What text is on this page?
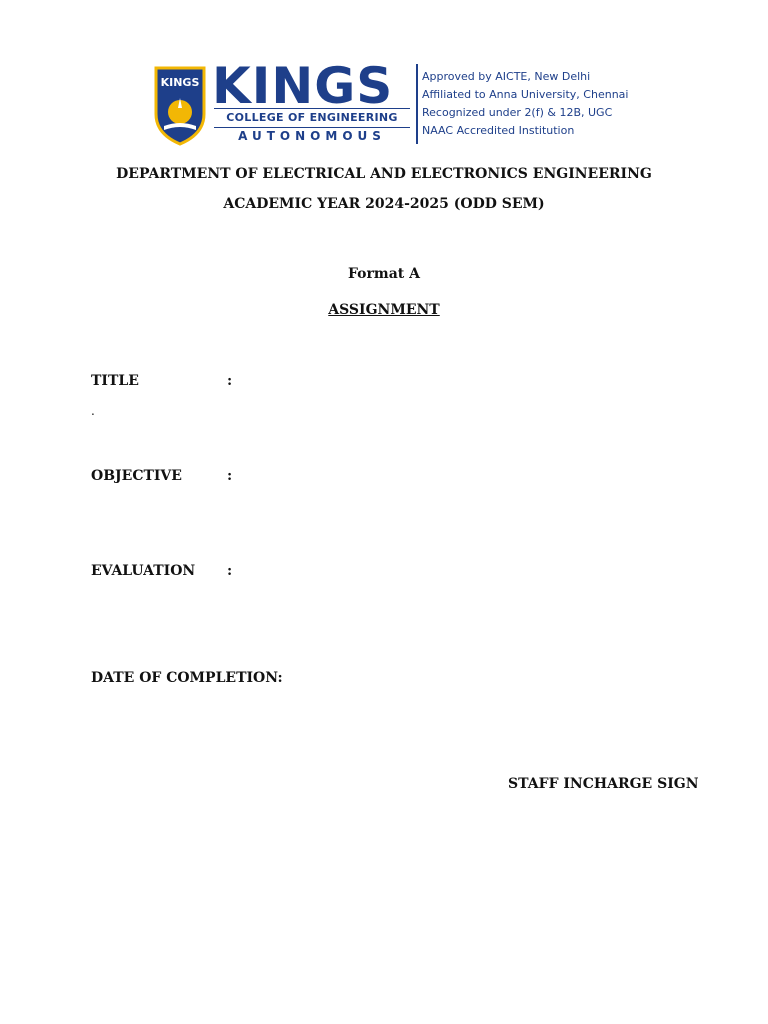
KINGS KINGS
COLLEGE OF ENGINEERING
AUTONOMOUS
Approved by AICTE, New Delhi
Affiliated to Anna University, Chennai
Recognized under 2(f) & 12B, UGC
NAAC Accredited Institution
DEPARTMENT OF ELECTRICAL AND ELECTRONICS ENGINEERING
ACADEMIC YEAR 2024-2025 (ODD SEM)
Format A
ASSIGNMENT
TITLE	:
.
OBJECTIVE	:
EVALUATION :
DATE OF COMPLETION:
STAFF INCHARGE SIGN
